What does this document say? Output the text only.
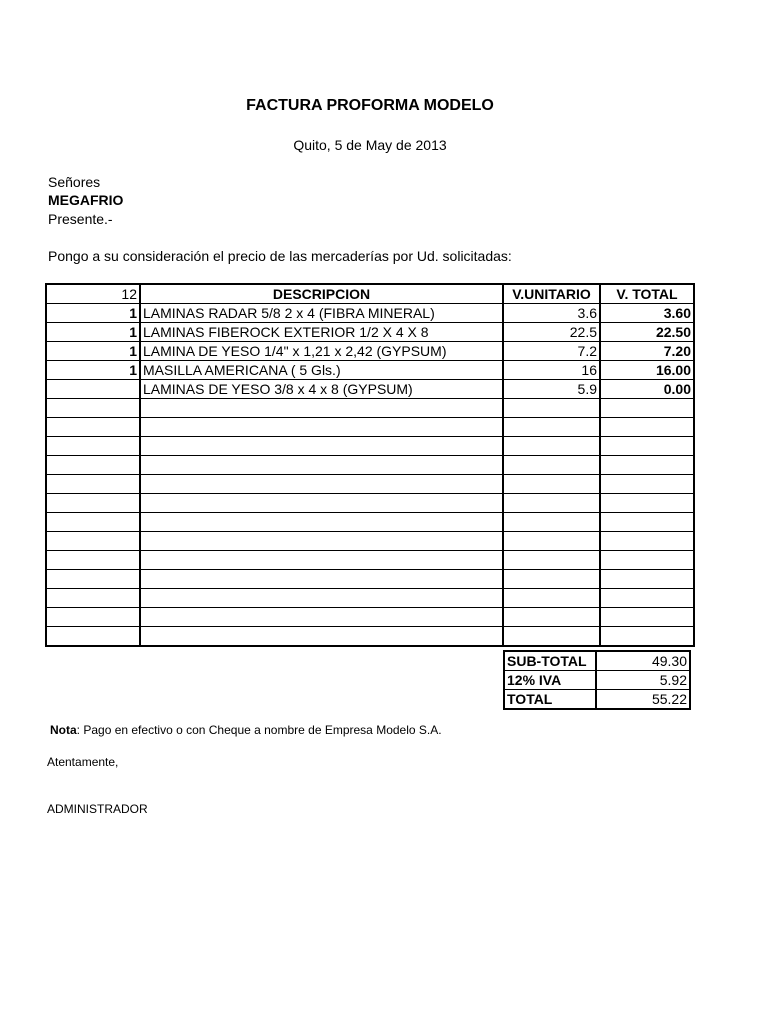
FACTURA PROFORMA MODELO
Quito, 5 de May de 2013
Señores
MEGAFRIO
Presente.-
Pongo a su consideración el precio de las mercaderías por Ud. solicitadas:
12	DESCRIPCION	V.UNITARIO	V. TOTAL
1	LAMINAS RADAR 5/8 2 x 4 (FIBRA MINERAL)	3.6	3.60
1	LAMINAS FIBEROCK EXTERIOR 1/2 X 4 X 8	22.5	22.50
1	LAMINA DE YESO 1/4" x 1,21 x 2,42 (GYPSUM)	7.2	7.20
1	MASILLA AMERICANA ( 5 Gls.)	16	16.00
	LAMINAS DE YESO 3/8 x 4 x 8 (GYPSUM)	5.9	0.00

SUB-TOTAL	49.30
12% IVA	5.92
TOTAL	55.22
Nota: Pago en efectivo o con Cheque a nombre de Empresa Modelo S.A.
Atentamente,
ADMINISTRADOR
